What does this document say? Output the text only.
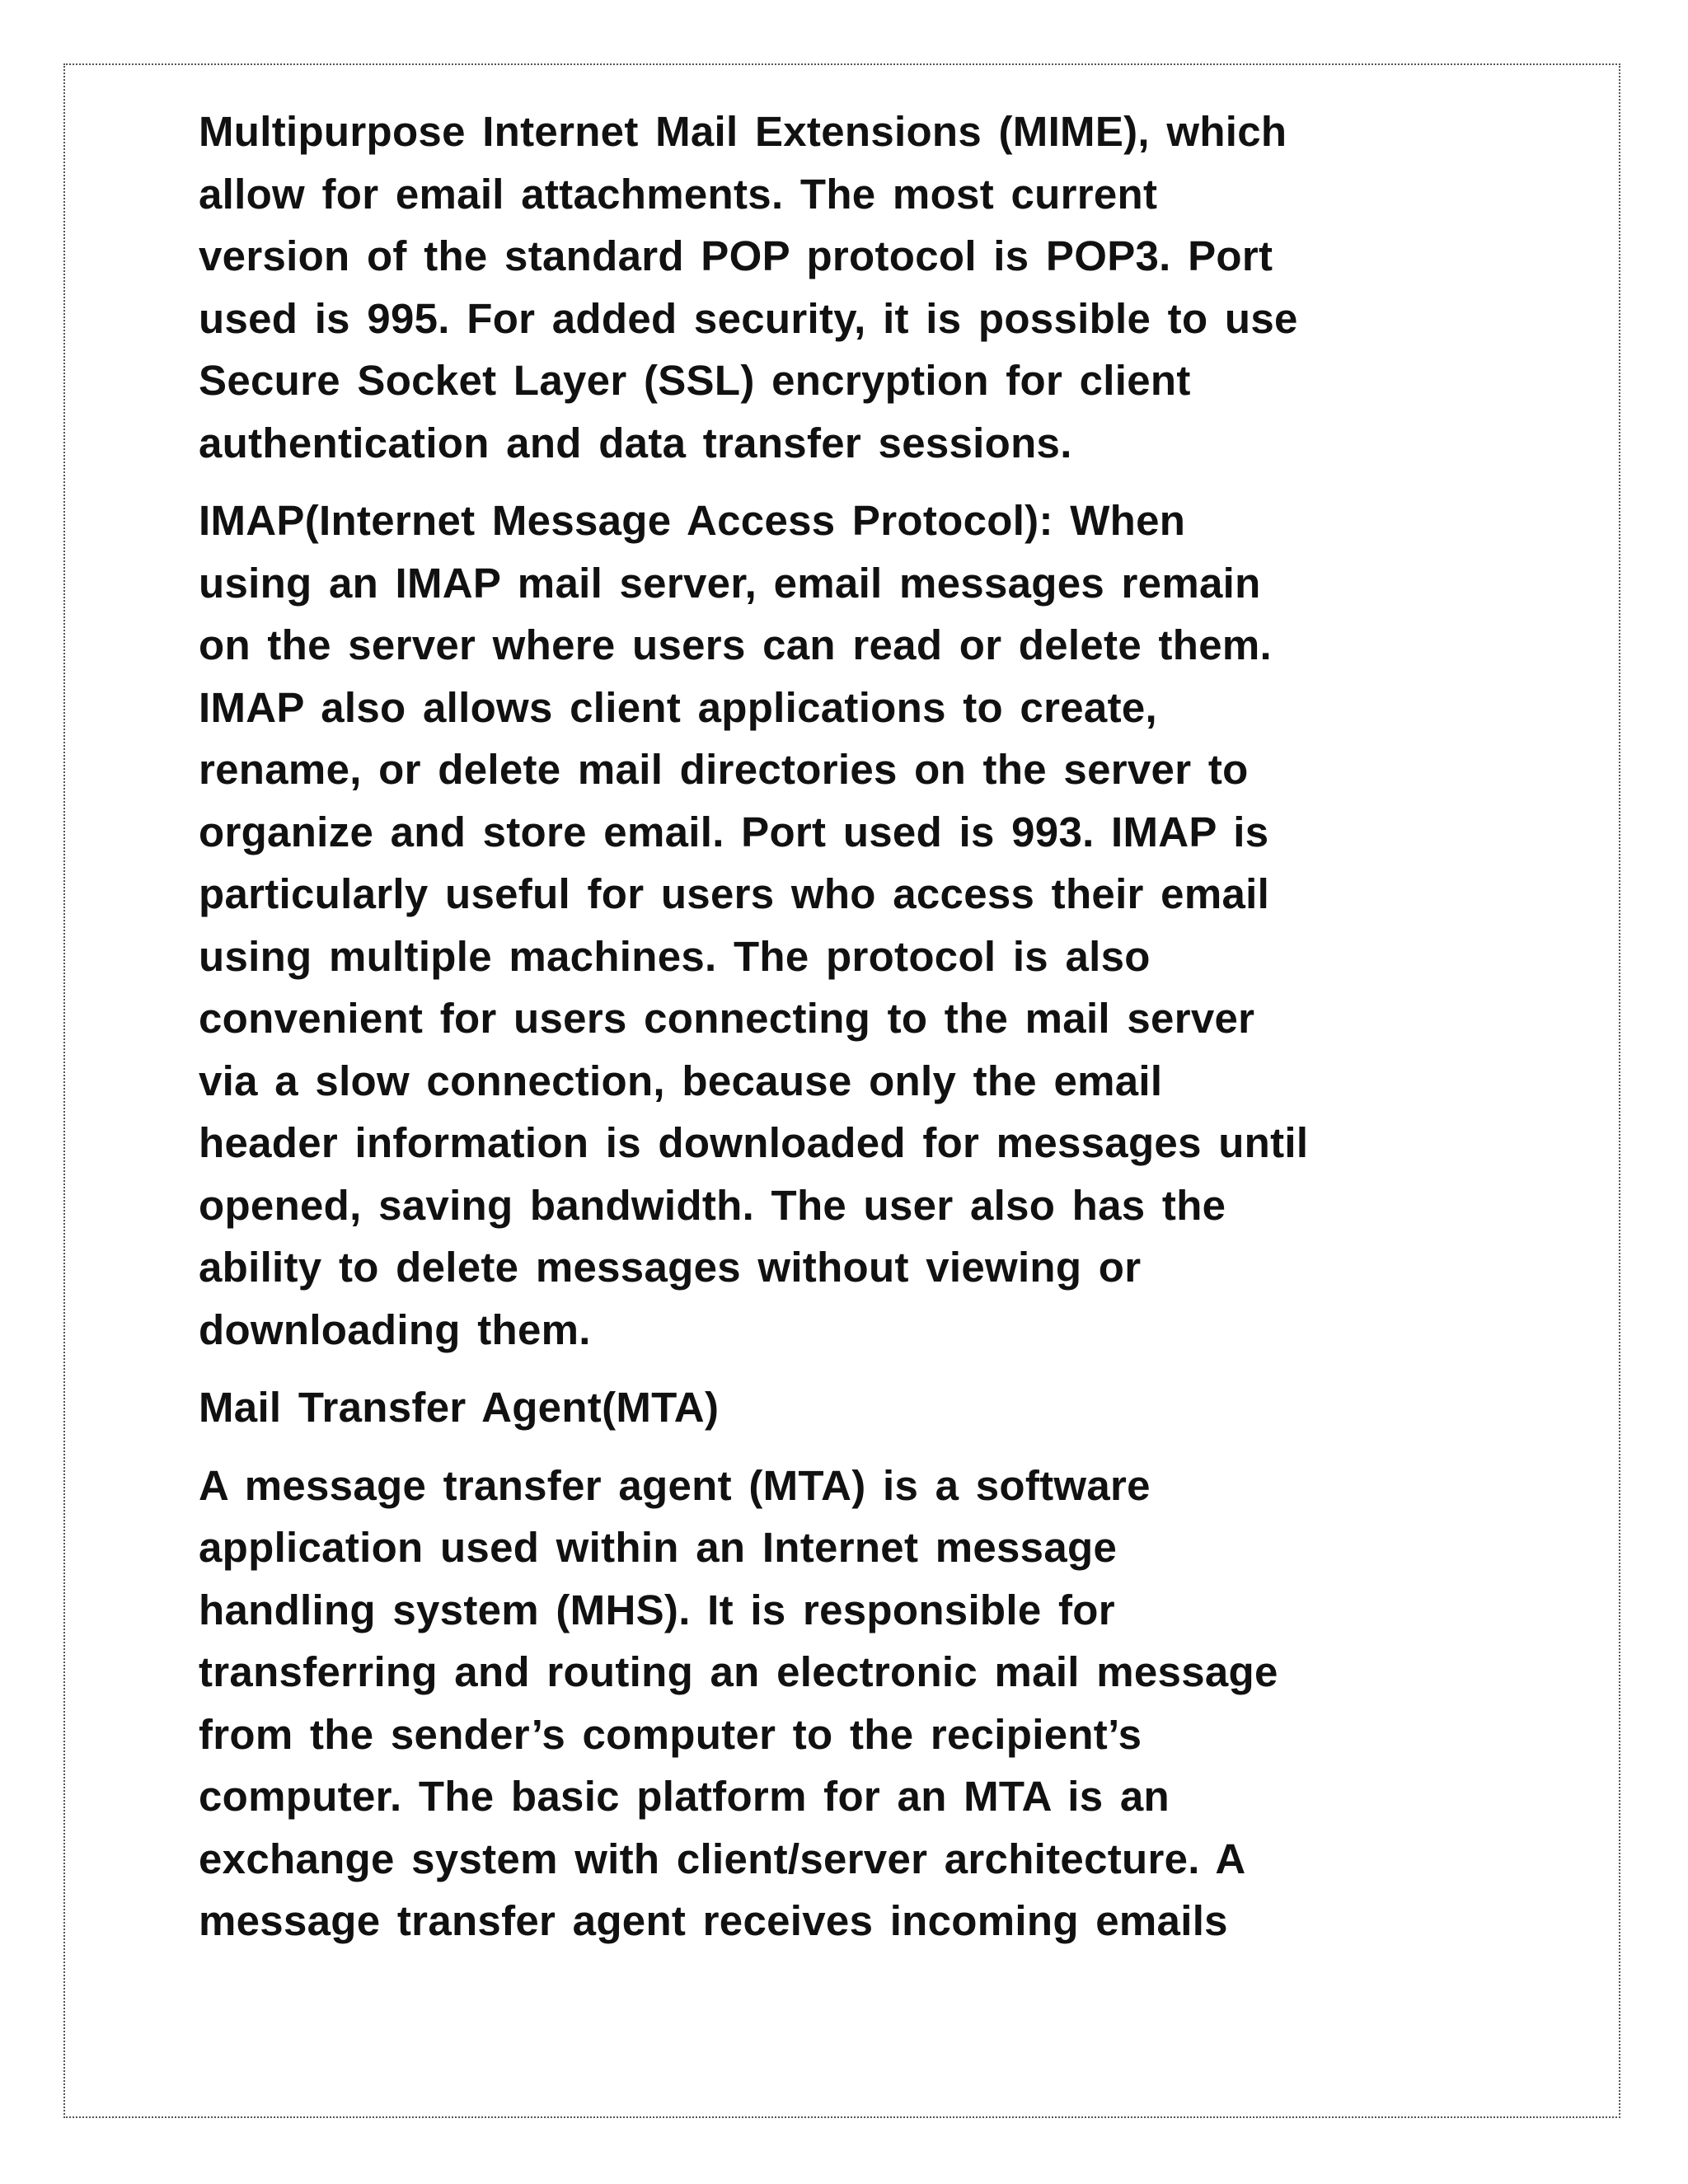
Multipurpose Internet Mail Extensions (MIME), which
allow for email attachments. The most current
version of the standard POP protocol is POP3. Port
used is 995. For added security, it is possible to use
Secure Socket Layer (SSL) encryption for client
authentication and data transfer sessions.

IMAP(Internet Message Access Protocol): When
using an IMAP mail server, email messages remain
on the server where users can read or delete them.
IMAP also allows client applications to create,
rename, or delete mail directories on the server to
organize and store email. Port used is 993. IMAP is
particularly useful for users who access their email
using multiple machines. The protocol is also
convenient for users connecting to the mail server
via a slow connection, because only the email
header information is downloaded for messages until
opened, saving bandwidth. The user also has the
ability to delete messages without viewing or
downloading them.

Mail Transfer Agent(MTA)

A message transfer agent (MTA) is a software
application used within an Internet message
handling system (MHS). It is responsible for
transferring and routing an electronic mail message
from the sender’s computer to the recipient’s
computer. The basic platform for an MTA is an
exchange system with client/server architecture. A
message transfer agent receives incoming emails
